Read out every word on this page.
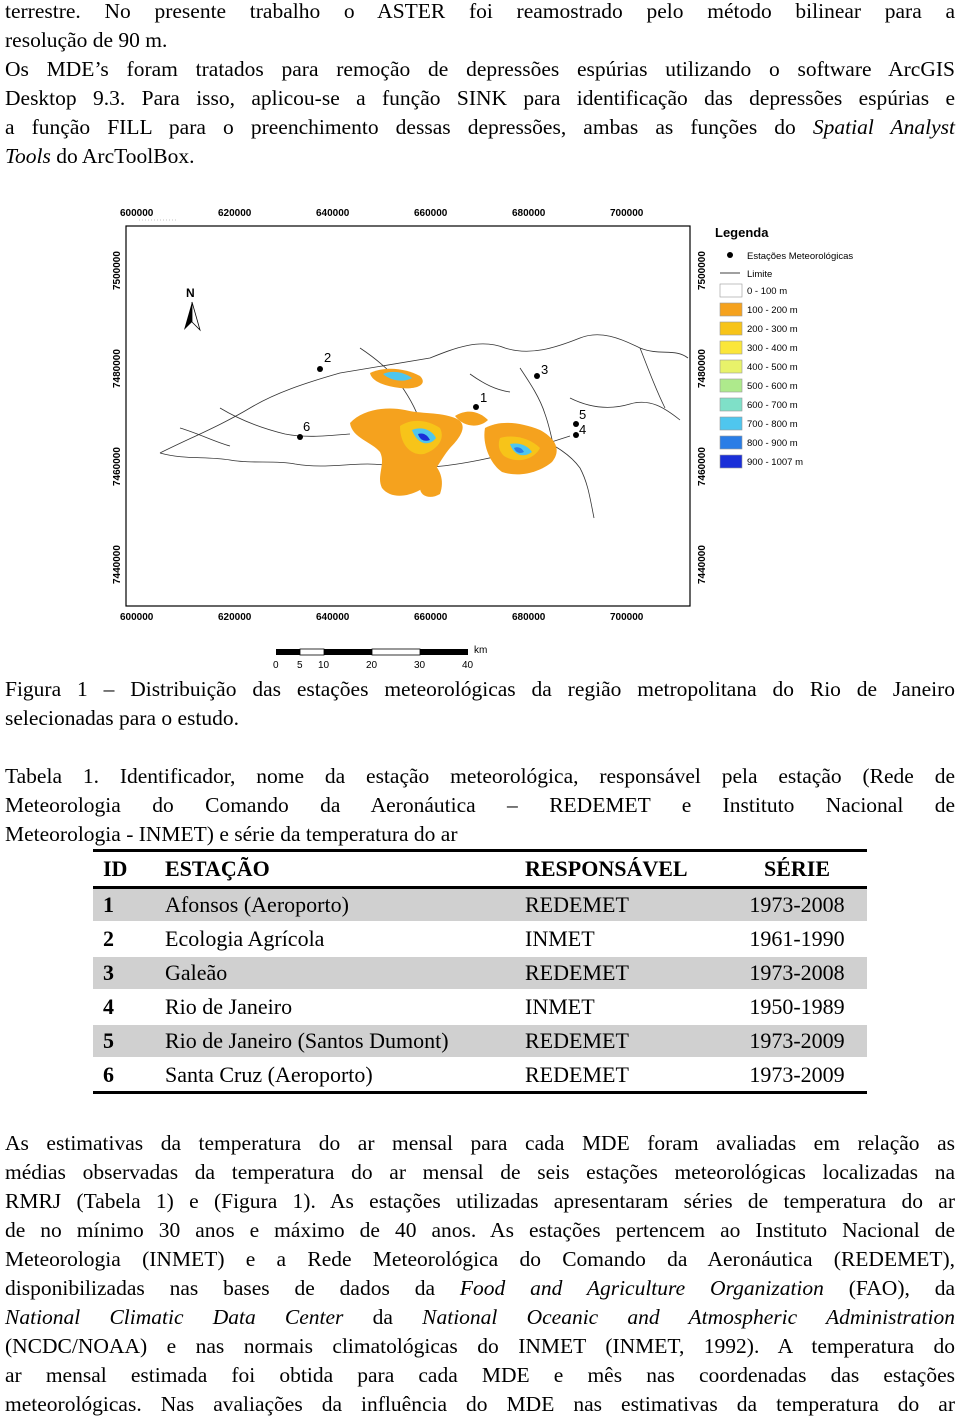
terrestre. No presente trabalho o ASTER foi reamostrado pelo método bilinear para a
resolução de 90 m.
Os MDE’s foram tratados para remoção de depressões espúrias utilizando o software ArcGIS
Desktop 9.3. Para isso, aplicou-se a função SINK para identificação das depressões espúrias e
a função FILL para o preenchimento dessas depressões, ambas as funções do Spatial Analyst
Tools do ArcToolBox.
600000	620000	640000	660000	680000	700000
600000	620000	640000	660000	680000	700000
7500000
7480000
7460000
7440000
7500000
7480000
7460000
7440000
N
1
2
3
4
5
6
Legenda
Estações Meteorológicas
Limite
0 - 100 m
100 - 200 m
200 - 300 m
300 - 400 m
400 - 500 m
500 - 600 m
600 - 700 m
700 - 800 m
800 - 900 m
900 - 1007 m
km
0 5 10	20	30	40
Figura 1 – Distribuição das estações meteorológicas da região metropolitana do Rio de Janeiro
selecionadas para o estudo.
Tabela 1. Identificador, nome da estação meteorológica, responsável pela estação (Rede de
Meteorologia do Comando da Aeronáutica – REDEMET e Instituto Nacional de
Meteorologia - INMET) e série da temperatura do ar
ID	ESTAÇÃO	RESPONSÁVEL	SÉRIE
1	Afonsos (Aeroporto)	REDEMET	1973-2008
2	Ecologia Agrícola	INMET	1961-1990
3	Galeão	REDEMET	1973-2008
4	Rio de Janeiro	INMET	1950-1989
5	Rio de Janeiro (Santos Dumont)	REDEMET	1973-2009
6	Santa Cruz (Aeroporto)	REDEMET	1973-2009
As estimativas da temperatura do ar mensal para cada MDE foram avaliadas em relação as
médias observadas da temperatura do ar mensal de seis estações meteorológicas localizadas na
RMRJ (Tabela 1) e (Figura 1). As estações utilizadas apresentaram séries de temperatura do ar
de no mínimo 30 anos e máximo de 40 anos. As estações pertencem ao Instituto Nacional de
Meteorologia (INMET) e a Rede Meteorológica do Comando da Aeronáutica (REDEMET),
disponibilizadas nas bases de dados da Food and Agriculture Organization (FAO), da
National Climatic Data Center da National Oceanic and Atmospheric Administration
(NCDC/NOAA) e nas normais climatológicas do INMET (INMET, 1992). A temperatura do
ar mensal estimada foi obtida para cada MDE e mês nas coordenadas das estações
meteorológicas. Nas avaliações da influência do MDE nas estimativas da temperatura do ar
